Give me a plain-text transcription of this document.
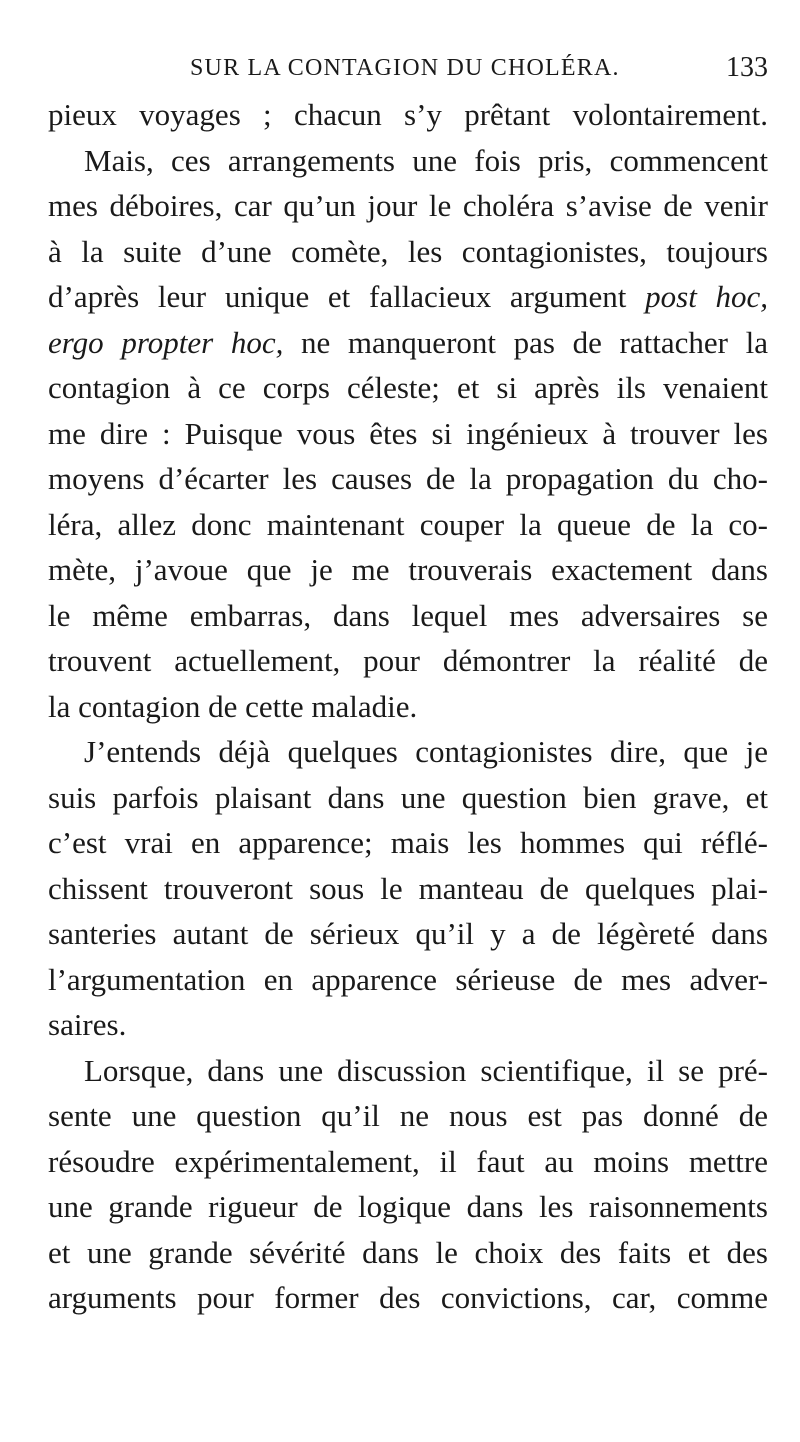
SUR LA CONTAGION DU CHOLÉRA.	133
pieux voyages ; chacun s’y prêtant volontairement.
Mais, ces arrangements une fois pris, commencent
mes déboires, car qu’un jour le choléra s’avise de venir
à la suite d’une comète, les contagionistes, toujours
d’après leur unique et fallacieux argument post hoc,
ergo propter hoc, ne manqueront pas de rattacher la
contagion à ce corps céleste; et si après ils venaient
me dire : Puisque vous êtes si ingénieux à trouver les
moyens d’écarter les causes de la propagation du cho-
léra, allez donc maintenant couper la queue de la co-
mète, j’avoue que je me trouverais exactement dans
le même embarras, dans lequel mes adversaires se
trouvent actuellement, pour démontrer la réalité de
la contagion de cette maladie.
J’entends déjà quelques contagionistes dire, que je
suis parfois plaisant dans une question bien grave, et
c’est vrai en apparence; mais les hommes qui réflé-
chissent trouveront sous le manteau de quelques plai-
santeries autant de sérieux qu’il y a de légèreté dans
l’argumentation en apparence sérieuse de mes adver-
saires.
Lorsque, dans une discussion scientifique, il se pré-
sente une question qu’il ne nous est pas donné de
résoudre expérimentalement, il faut au moins mettre
une grande rigueur de logique dans les raisonnements
et une grande sévérité dans le choix des faits et des
arguments pour former des convictions, car, comme
